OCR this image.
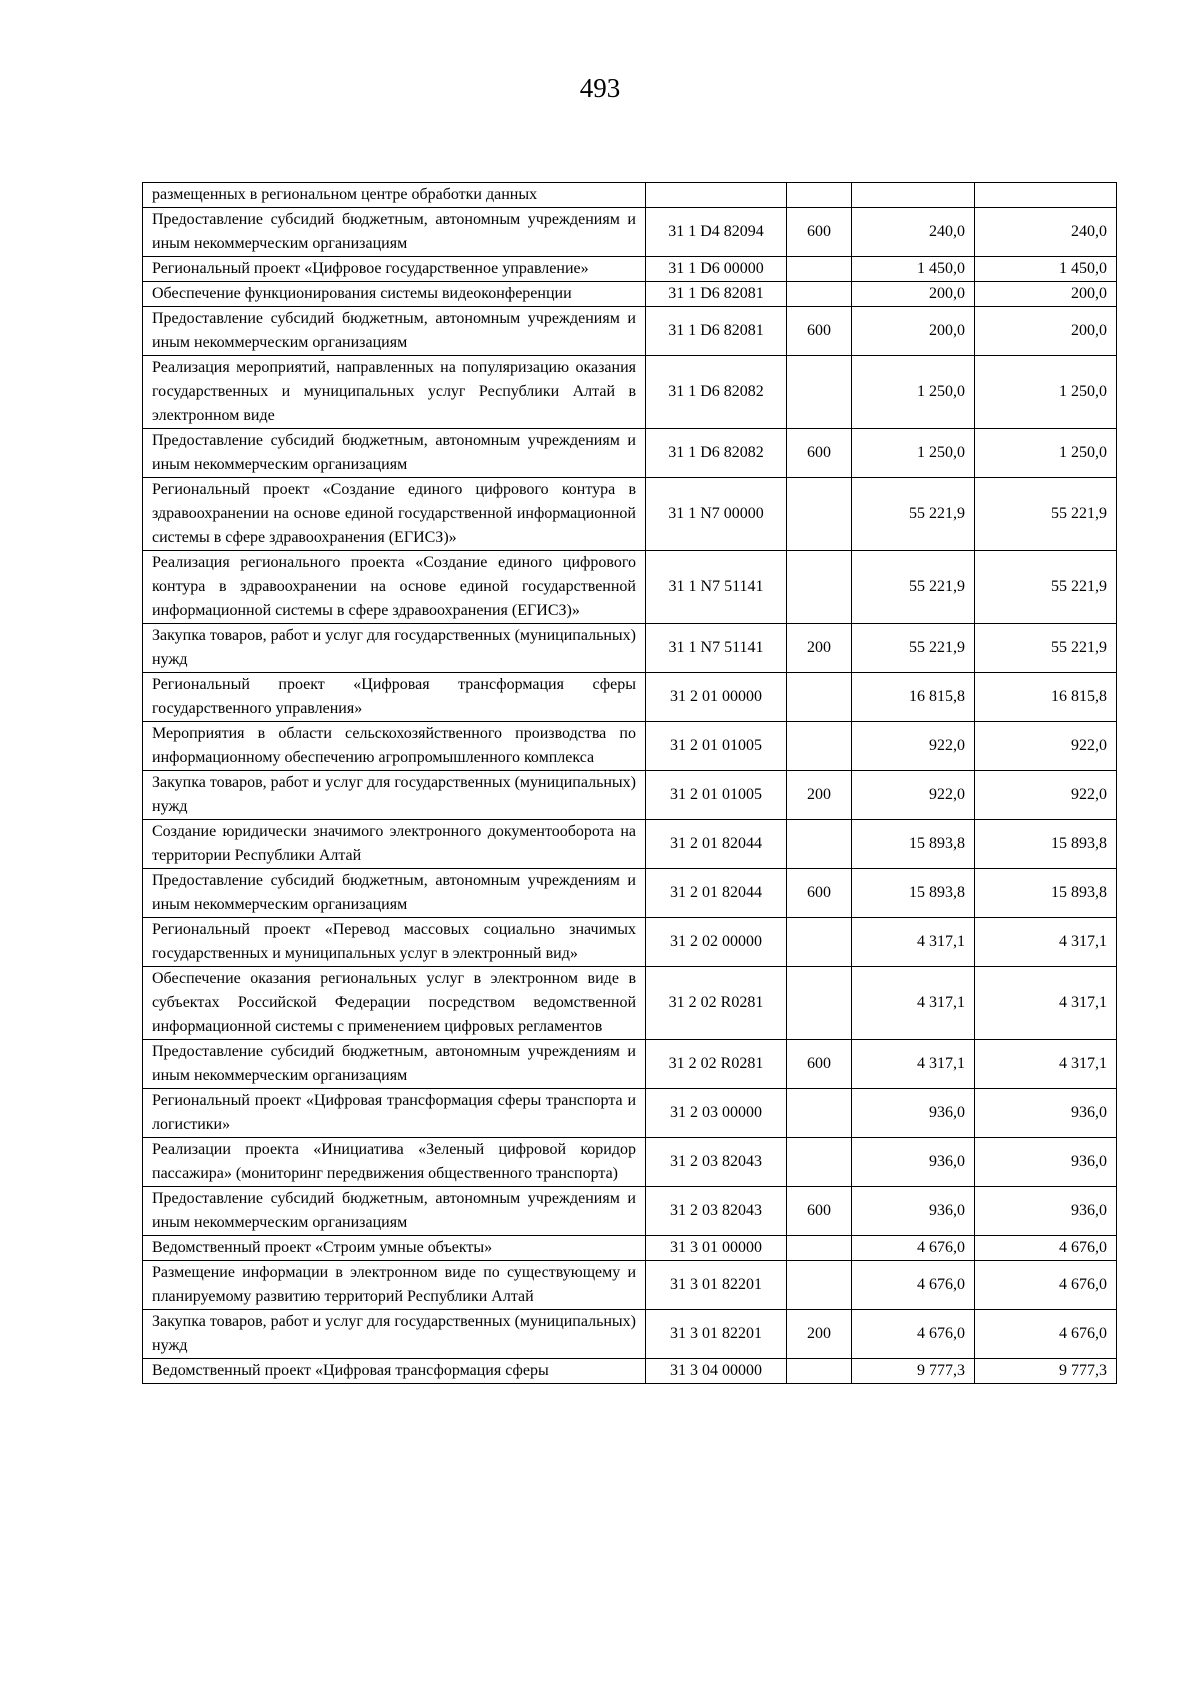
493
размещенных в региональном центре обработки данных				
Предоставление субсидий бюджетным, автономным учреждениям и иным некоммерческим организациям	31 1 D4 82094	600	240,0	240,0
Региональный проект «Цифровое государственное управление»	31 1 D6 00000		1 450,0	1 450,0
Обеспечение функционирования системы видеоконференции	31 1 D6 82081		200,0	200,0
Предоставление субсидий бюджетным, автономным учреждениям и иным некоммерческим организациям	31 1 D6 82081	600	200,0	200,0
Реализация мероприятий, направленных на популяризацию оказания государственных и муниципальных услуг Республики Алтай в электронном виде	31 1 D6 82082		1 250,0	1 250,0
Предоставление субсидий бюджетным, автономным учреждениям и иным некоммерческим организациям	31 1 D6 82082	600	1 250,0	1 250,0
Региональный проект «Создание единого цифрового контура в здравоохранении на основе единой государственной информационной системы в сфере здравоохранения (ЕГИСЗ)»	31 1 N7 00000		55 221,9	55 221,9
Реализация регионального проекта «Создание единого цифрового контура в здравоохранении на основе единой государственной информационной системы в сфере здравоохранения (ЕГИСЗ)»	31 1 N7 51141		55 221,9	55 221,9
Закупка товаров, работ и услуг для государственных (муниципальных) нужд	31 1 N7 51141	200	55 221,9	55 221,9
Региональный проект «Цифровая трансформация сферы государственного управления»	31 2 01 00000		16 815,8	16 815,8
Мероприятия в области сельскохозяйственного производства по информационному обеспечению агропромышленного комплекса	31 2 01 01005		922,0	922,0
Закупка товаров, работ и услуг для государственных (муниципальных) нужд	31 2 01 01005	200	922,0	922,0
Создание юридически значимого электронного документооборота на территории Республики Алтай	31 2 01 82044		15 893,8	15 893,8
Предоставление субсидий бюджетным, автономным учреждениям и иным некоммерческим организациям	31 2 01 82044	600	15 893,8	15 893,8
Региональный проект «Перевод массовых социально значимых государственных и муниципальных услуг в электронный вид»	31 2 02 00000		4 317,1	4 317,1
Обеспечение оказания региональных услуг в электронном виде в субъектах Российской Федерации посредством ведомственной информационной системы с применением цифровых регламентов	31 2 02 R0281		4 317,1	4 317,1
Предоставление субсидий бюджетным, автономным учреждениям и иным некоммерческим организациям	31 2 02 R0281	600	4 317,1	4 317,1
Региональный проект «Цифровая трансформация сферы транспорта и логистики»	31 2 03 00000		936,0	936,0
Реализации проекта «Инициатива «Зеленый цифровой коридор пассажира» (мониторинг передвижения общественного транспорта)	31 2 03 82043		936,0	936,0
Предоставление субсидий бюджетным, автономным учреждениям и иным некоммерческим организациям	31 2 03 82043	600	936,0	936,0
Ведомственный проект «Строим умные объекты»	31 3 01 00000		4 676,0	4 676,0
Размещение информации в электронном виде по существующему и планируемому развитию территорий Республики Алтай	31 3 01 82201		4 676,0	4 676,0
Закупка товаров, работ и услуг для государственных (муниципальных) нужд	31 3 01 82201	200	4 676,0	4 676,0
Ведомственный проект «Цифровая трансформация сферы	31 3 04 00000		9 777,3	9 777,3
